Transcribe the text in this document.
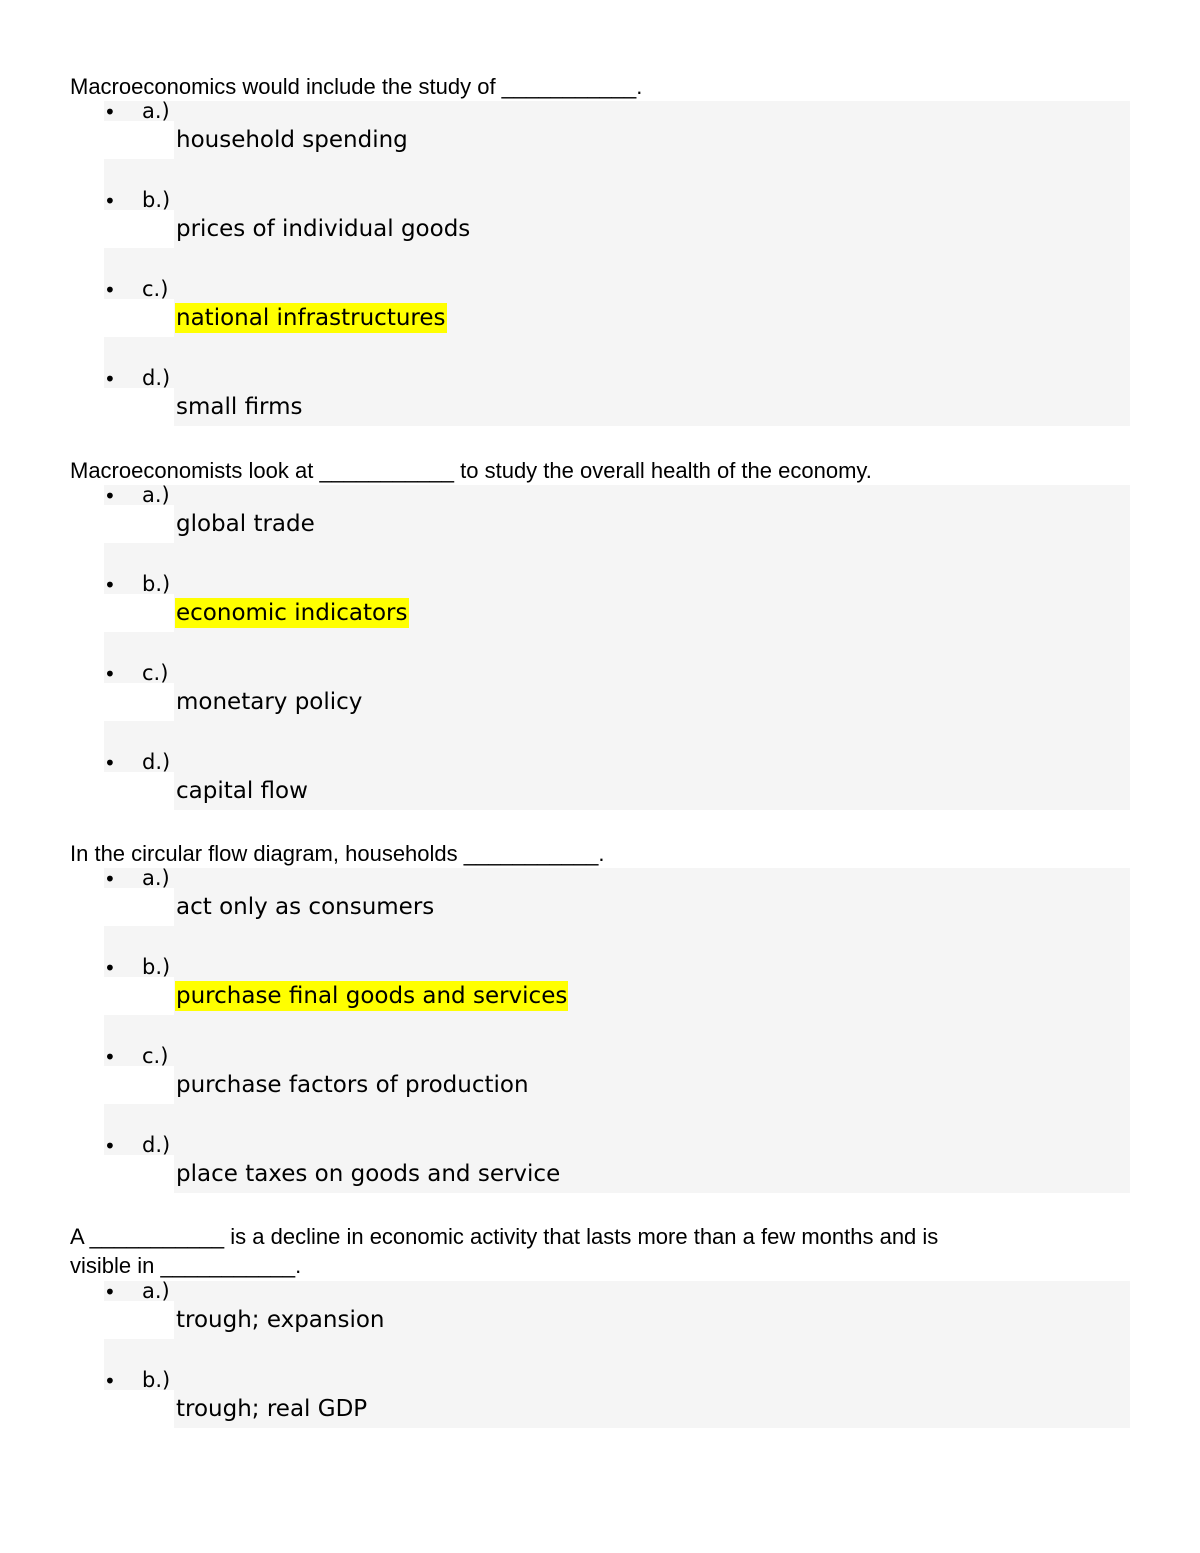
Macroeconomics would include the study of ___________.
• a.)
household spending
• b.)
prices of individual goods
• c.)
national infrastructures
• d.)
small firms
Macroeconomists look at ___________ to study the overall health of the economy.
• a.)
global trade
• b.)
economic indicators
• c.)
monetary policy
• d.)
capital flow
In the circular flow diagram, households ___________.
• a.)
act only as consumers
• b.)
purchase final goods and services
• c.)
purchase factors of production
• d.)
place taxes on goods and service
A ___________ is a decline in economic activity that lasts more than a few months and is
visible in ___________.
• a.)
trough; expansion
• b.)
trough; real GDP
